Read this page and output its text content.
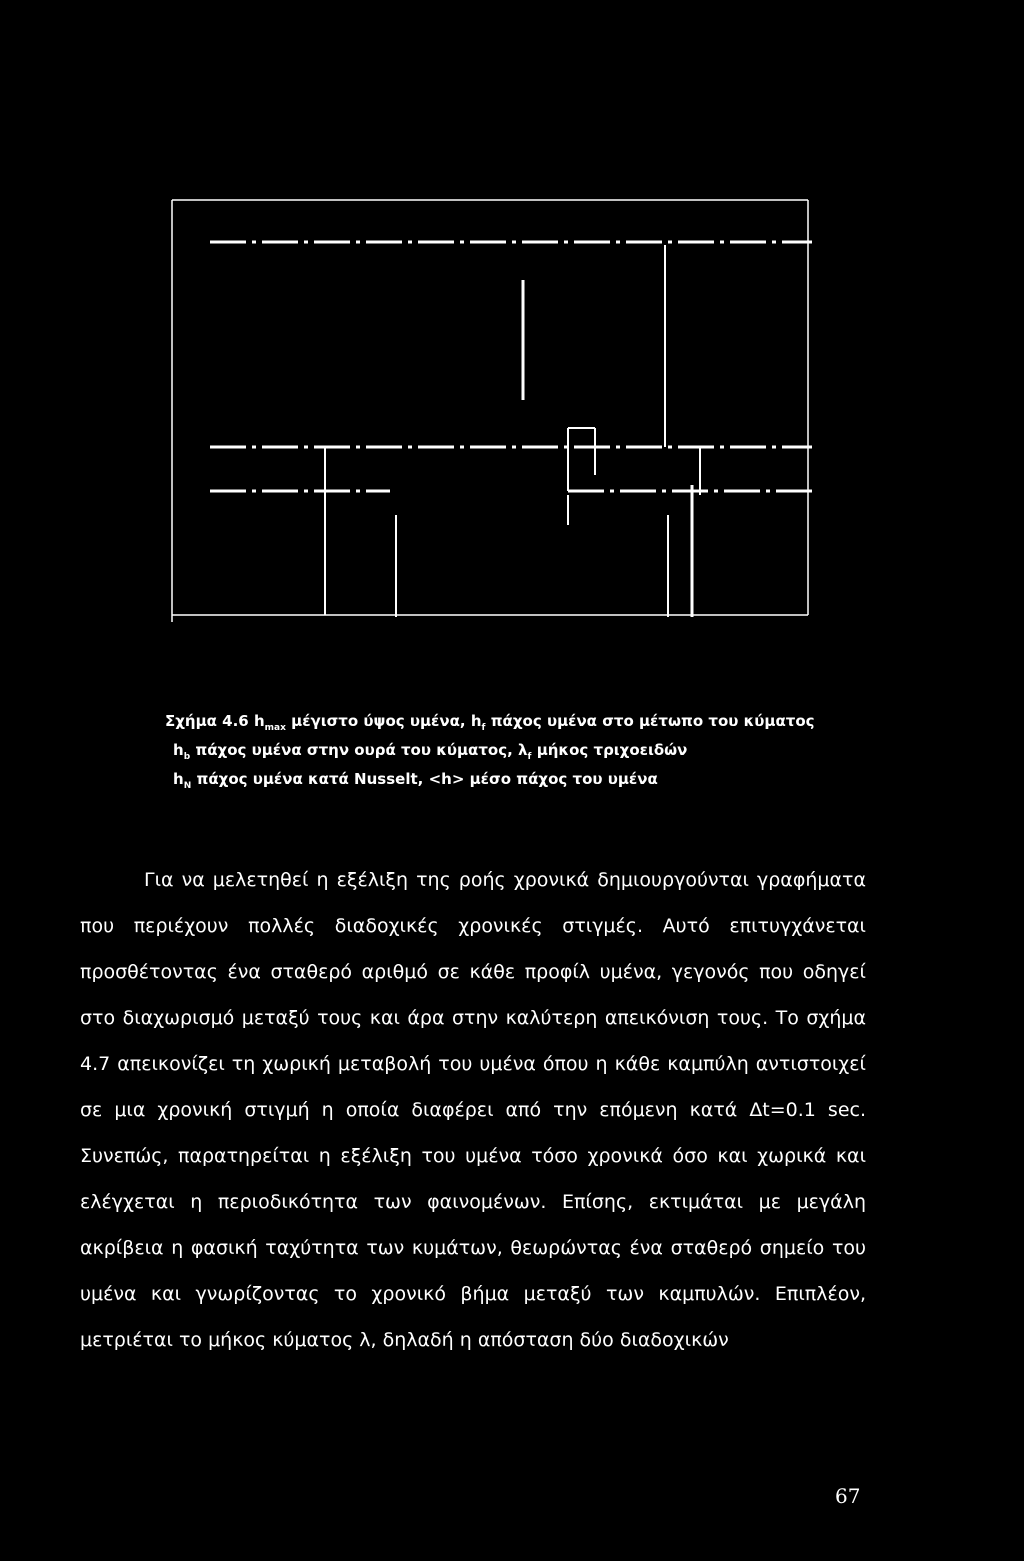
Σχήμα 4.6 $h_{max}$ μέγιστο ύψος υμένα, $h_f$ πάχος υμένα στο μέτωπο του κύματος
$h_b$ πάχος υμένα στην ουρά του κύματος, $\lambda_f$ μήκος τριχοειδών
$h_N$ πάχος υμένα κατά Nusselt, <h> μέσο πάχος του υμένα

Για να μελετηθεί η εξέλιξη της ροής χρονικά δημιουργούνται γραφήματα που περιέχουν πολλές διαδοχικές χρονικές στιγμές. Αυτό επιτυγχάνεται προσθέτοντας ένα σταθερό αριθμό σε κάθε προφίλ υμένα, γεγονός που οδηγεί στο διαχωρισμό μεταξύ τους και άρα στην καλύτερη απεικόνιση τους. Το σχήμα 4.7 απεικονίζει τη χωρική μεταβολή του υμένα όπου η κάθε καμπύλη αντιστοιχεί σε μια χρονική στιγμή η οποία διαφέρει από την επόμενη κατά Δt=0.1 sec. Συνεπώς, παρατηρείται η εξέλιξη του υμένα τόσο χρονικά όσο και χωρικά και ελέγχεται η περιοδικότητα των φαινομένων. Επίσης, εκτιμάται με μεγάλη ακρίβεια η φασική ταχύτητα των κυμάτων, θεωρώντας ένα σταθερό σημείο του υμένα και γνωρίζοντας το χρονικό βήμα μεταξύ των καμπυλών. Επιπλέον, μετριέται το μήκος κύματος λ, δηλαδή η απόσταση δύο διαδοχικών

67
